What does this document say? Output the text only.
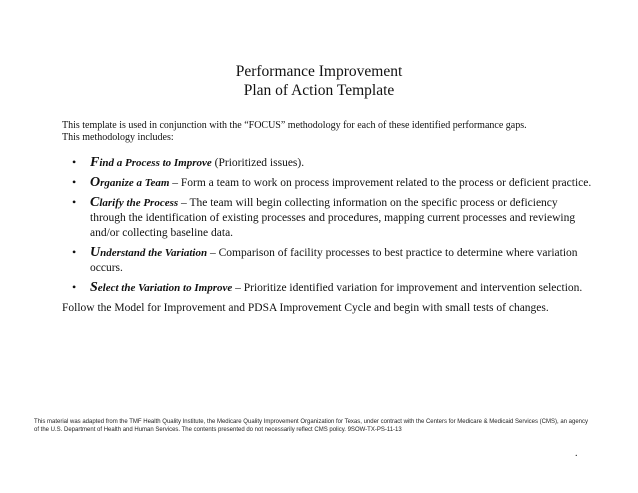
Performance Improvement
Plan of Action Template
This template is used in conjunction with the “FOCUS” methodology for each of these identified performance gaps.
This methodology includes:
• Find a Process to Improve (Prioritized issues).
• Organize a Team – Form a team to work on process improvement related to the process or deficient practice.
• Clarify the Process – The team will begin collecting information on the specific process or deficiency through the identification of existing processes and procedures, mapping current processes and reviewing and/or collecting baseline data.
• Understand the Variation – Comparison of facility processes to best practice to determine where variation occurs.
• Select the Variation to Improve – Prioritize identified variation for improvement and intervention selection.
Follow the Model for Improvement and PDSA Improvement Cycle and begin with small tests of changes.
This material was adapted from the TMF Health Quality Institute, the Medicare Quality Improvement Organization for Texas, under contract with the Centers for Medicare & Medicaid Services (CMS), an agency of the U.S. Department of Health and Human Services. The contents presented do not necessarily reflect CMS policy. 9SOW-TX-PS-11-13
.
